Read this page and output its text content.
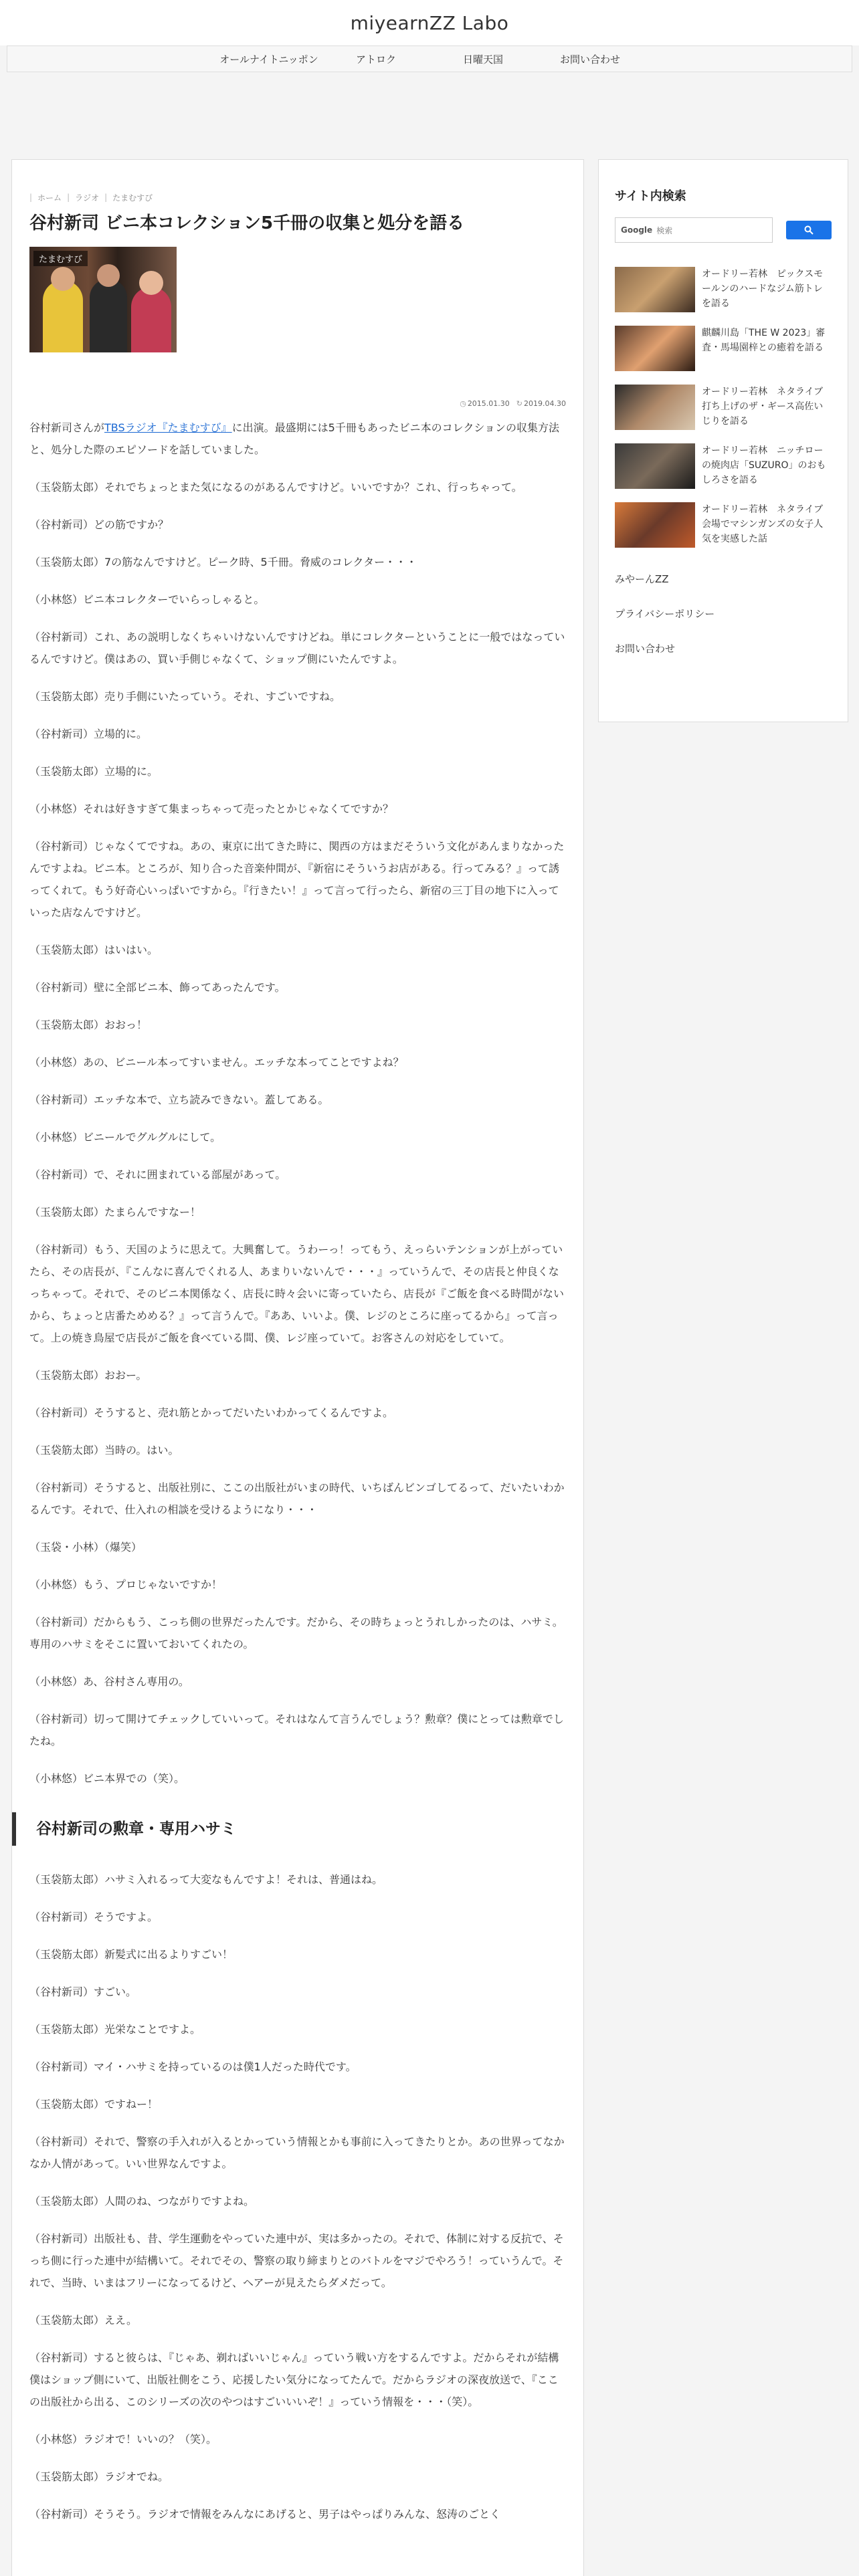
miyearnZZ Labo
オールナイトニッポン	アトロク	日曜天国	お問い合わせ
| ホーム | ラジオ | たまむすび
谷村新司 ビニ本コレクション5千冊の収集と処分を語る
たまむすび
◷ 2015.01.30
↻	2019.04.30

谷村新司さんがTBSラジオ『たまむすび』に出演。最盛期には5千冊もあったビニ本のコレクションの収集方法と、処分した際のエピソードを話していました。

（玉袋筋太郎）それでちょっとまた気になるのがあるんですけど。いいですか？これ、行っちゃって。

（谷村新司）どの筋ですか？

（玉袋筋太郎）7の筋なんですけど。ピーク時、5千冊。脅威のコレクター・・・

（小林悠）ビニ本コレクターでいらっしゃると。

（谷村新司）これ、あの説明しなくちゃいけないんですけどね。単にコレクターということに一般ではなっているんですけど。僕はあの、買い手側じゃなくて、ショップ側にいたんですよ。

（玉袋筋太郎）売り手側にいたっていう。それ、すごいですね。

（谷村新司）立場的に。

（玉袋筋太郎）立場的に。

（小林悠）それは好きすぎて集まっちゃって売ったとかじゃなくてですか？

（谷村新司）じゃなくてですね。あの、東京に出てきた時に、関西の方はまだそういう文化があんまりなかったんですよね。ビニ本。ところが、知り合った音楽仲間が、『新宿にそういうお店がある。行ってみる？』って誘ってくれて。もう好奇心いっぱいですから。『行きたい！』って言って行ったら、新宿の三丁目の地下に入っていった店なんですけど。

（玉袋筋太郎）はいはい。

（谷村新司）壁に全部ビニ本、飾ってあったんです。

（玉袋筋太郎）おおっ！

（小林悠）あの、ビニール本ってすいません。エッチな本ってことですよね？

（谷村新司）エッチな本で、立ち読みできない。蓋してある。

（小林悠）ビニールでグルグルにして。

（谷村新司）で、それに囲まれている部屋があって。

（玉袋筋太郎）たまらんですなー！

（谷村新司）もう、天国のように思えて。大興奮して。うわーっ！ってもう、えっらいテンションが上がっていたら、その店長が、『こんなに喜んでくれる人、あまりいないんで・・・』っていうんで、その店長と仲良くなっちゃって。それで、そのビニ本関係なく、店長に時々会いに寄っていたら、店長が『ご飯を食べる時間がないから、ちょっと店番ためめる？』って言うんで。『ああ、いいよ。僕、レジのところに座ってるから』って言って。上の焼き鳥屋で店長がご飯を食べている間、僕、レジ座っていて。お客さんの対応をしていて。

（玉袋筋太郎）おおー。

（谷村新司）そうすると、売れ筋とかってだいたいわかってくるんですよ。

（玉袋筋太郎）当時の。はい。

（谷村新司）そうすると、出版社別に、ここの出版社がいまの時代、いちばんビンゴしてるって、だいたいわかるんです。それで、仕入れの相談を受けるようになり・・・

（玉袋・小林）（爆笑）

（小林悠）もう、プロじゃないですか！

（谷村新司）だからもう、こっち側の世界だったんです。だから、その時ちょっとうれしかったのは、ハサミ。専用のハサミをそこに置いておいてくれたの。

（小林悠）あ、谷村さん専用の。

（谷村新司）切って開けてチェックしていいって。それはなんて言うんでしょう？勲章？僕にとっては勲章でしたね。

（小林悠）ビニ本界での（笑）。

谷村新司の勲章・専用ハサミ

（玉袋筋太郎）ハサミ入れるって大変なもんですよ！それは、普通はね。

（谷村新司）そうですよ。

（玉袋筋太郎）新髪式に出るよりすごい！

（谷村新司）すごい。

（玉袋筋太郎）光栄なことですよ。

（谷村新司）マイ・ハサミを持っているのは僕1人だった時代です。

（玉袋筋太郎）ですねー！

（谷村新司）それで、警察の手入れが入るとかっていう情報とかも事前に入ってきたりとか。あの世界ってなかなか人情があって。いい世界なんですよ。

（玉袋筋太郎）人間のね、つながりですよね。

（谷村新司）出版社も、昔、学生運動をやっていた連中が、実は多かったの。それで、体制に対する反抗で、そっち側に行った連中が結構いて。それでその、警察の取り締まりとのバトルをマジでやろう！っていうんで。それで、当時、いまはフリーになってるけど、ヘアーが見えたらダメだって。

（玉袋筋太郎）ええ。

（谷村新司）すると彼らは、『じゃあ、剃ればいいじゃん』っていう戦い方をするんですよ。だからそれが結構僕はショップ側にいて、出版社側をこう、応援したい気分になってたんで。だからラジオの深夜放送で、『ここの出版社から出る、このシリーズの次のやつはすごいいいぞ！』っていう情報を・・・（笑）。

（小林悠）ラジオで！いいの？（笑）。

（玉袋筋太郎）ラジオでね。

（谷村新司）そうそう。ラジオで情報をみんなにあげると、男子はやっぱりみんな、怒涛のごとく

サイト内検索
Google 検索
オードリー若林　ピックスモールンのハードなジム筋トレを語る
麒麟川島「THE W 2023」審査・馬場園梓との癒着を語る
オードリー若林　ネタライブ打ち上げのザ・ギース高佐いじりを語る
オードリー若林　ニッチローの焼肉店「SUZURO」のおもしろさを語る
オードリー若林　ネタライブ会場でマシンガンズの女子人気を実感した話
みやーんZZ
プライバシーポリシー
お問い合わせ
